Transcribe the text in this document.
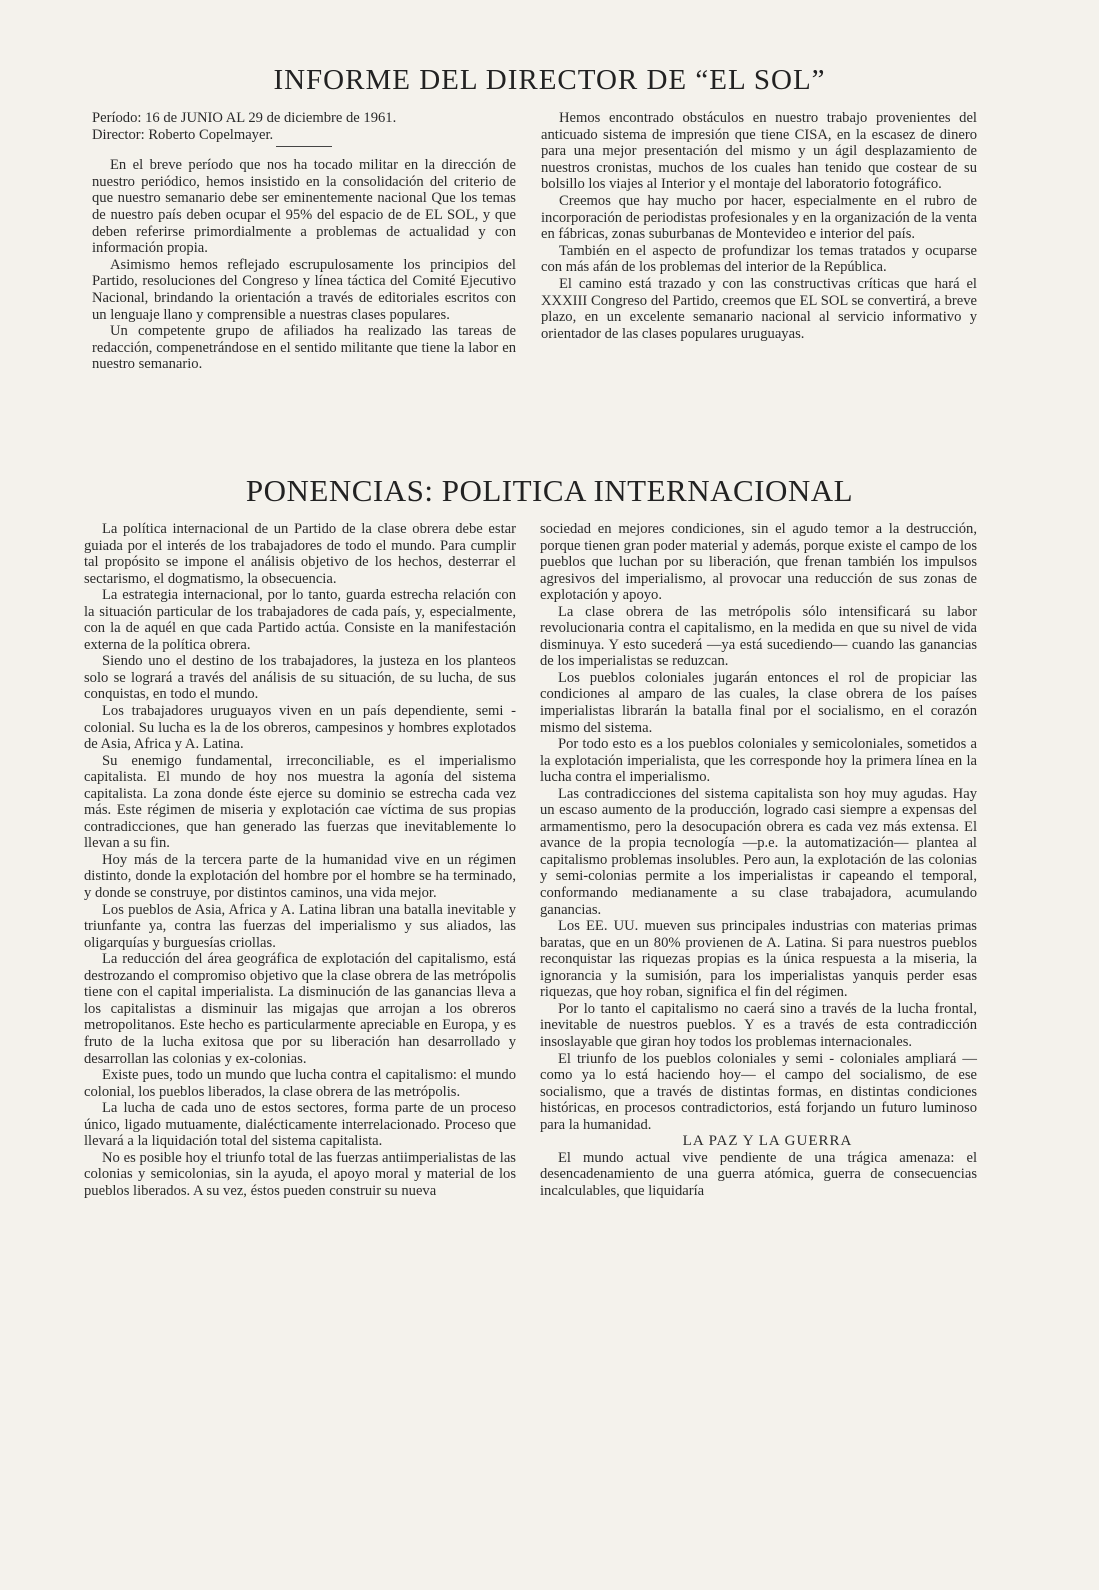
INFORME DEL DIRECTOR DE “EL SOL”

Período: 16 de JUNIO AL 29 de diciembre de 1961.

Director: Roberto Copelmayer.

En el breve período que nos ha tocado militar en la dirección de nuestro periódico, hemos insistido en la consolidación del criterio de que nuestro semanario debe ser eminentemente nacional Que los temas de nuestro país deben ocupar el 95% del espacio de de EL SOL, y que deben referirse primordialmente a problemas de actualidad y con información propia.

Asimismo hemos reflejado escrupulosamente los principios del Partido, resoluciones del Congreso y línea táctica del Comité Ejecutivo Nacional, brindando la orientación a través de editoriales escritos con un lenguaje llano y comprensible a nuestras clases populares.

Un competente grupo de afiliados ha realizado las tareas de redacción, compenetrándose en el sentido militante que tiene la labor en nuestro semanario.

Hemos encontrado obstáculos en nuestro trabajo provenientes del anticuado sistema de impresión que tiene CISA, en la escasez de dinero para una mejor presentación del mismo y un ágil desplazamiento de nuestros cronistas, muchos de los cuales han tenido que costear de su bolsillo los viajes al Interior y el montaje del laboratorio fotográfico.

Creemos que hay mucho por hacer, especialmente en el rubro de incorporación de periodistas profesionales y en la organización de la venta en fábricas, zonas suburbanas de Montevideo e interior del país.

También en el aspecto de profundizar los temas tratados y ocuparse con más afán de los problemas del interior de la República.

El camino está trazado y con las constructivas críticas que hará el XXXIII Congreso del Partido, creemos que EL SOL se convertirá, a breve plazo, en un excelente semanario nacional al servicio informativo y orientador de las clases populares uruguayas.

PONENCIAS: POLITICA INTERNACIONAL

La política internacional de un Partido de la clase obrera debe estar guiada por el interés de los trabajadores de todo el mundo. Para cumplir tal propósito se impone el análisis objetivo de los hechos, desterrar el sectarismo, el dogmatismo, la obsecuencia.

La estrategia internacional, por lo tanto, guarda estrecha relación con la situación particular de los trabajadores de cada país, y, especialmente, con la de aquél en que cada Partido actúa. Consiste en la manifestación externa de la política obrera.

Siendo uno el destino de los trabajadores, la justeza en los planteos solo se logrará a través del análisis de su situación, de su lucha, de sus conquistas, en todo el mundo.

Los trabajadores uruguayos viven en un país dependiente, semi - colonial. Su lucha es la de los obreros, campesinos y hombres explotados de Asia, Africa y A. Latina.

Su enemigo fundamental, irreconciliable, es el imperialismo capitalista. El mundo de hoy nos muestra la agonía del sistema capitalista. La zona donde éste ejerce su dominio se estrecha cada vez más. Este régimen de miseria y explotación cae víctima de sus propias contradicciones, que han generado las fuerzas que inevitablemente lo llevan a su fin.

Hoy más de la tercera parte de la humanidad vive en un régimen distinto, donde la explotación del hombre por el hombre se ha terminado, y donde se construye, por distintos caminos, una vida mejor.

Los pueblos de Asia, Africa y A. Latina libran una batalla inevitable y triunfante ya, contra las fuerzas del imperialismo y sus aliados, las oligarquías y burguesías criollas.

La reducción del área geográfica de explotación del capitalismo, está destrozando el compromiso objetivo que la clase obrera de las metrópolis tiene con el capital imperialista. La disminución de las ganancias lleva a los capitalistas a disminuir las migajas que arrojan a los obreros metropolitanos. Este hecho es particularmente apreciable en Europa, y es fruto de la lucha exitosa que por su liberación han desarrollado y desarrollan las colonias y ex-colonias.

Existe pues, todo un mundo que lucha contra el capitalismo: el mundo colonial, los pueblos liberados, la clase obrera de las metrópolis.

La lucha de cada uno de estos sectores, forma parte de un proceso único, ligado mutuamente, dialécticamente interrelacionado. Proceso que llevará a la liquidación total del sistema capitalista.

No es posible hoy el triunfo total de las fuerzas antiimperialistas de las colonias y semicolonias, sin la ayuda, el apoyo moral y material de los pueblos liberados. A su vez, éstos pueden construir su nueva

sociedad en mejores condiciones, sin el agudo temor a la destrucción, porque tienen gran poder material y además, porque existe el campo de los pueblos que luchan por su liberación, que frenan también los impulsos agresivos del imperialismo, al provocar una reducción de sus zonas de explotación y apoyo.

La clase obrera de las metrópolis sólo intensificará su labor revolucionaria contra el capitalismo, en la medida en que su nivel de vida disminuya. Y esto sucederá —ya está sucediendo— cuando las ganancias de los imperialistas se reduzcan.

Los pueblos coloniales jugarán entonces el rol de propiciar las condiciones al amparo de las cuales, la clase obrera de los países imperialistas librarán la batalla final por el socialismo, en el corazón mismo del sistema.

Por todo esto es a los pueblos coloniales y semicoloniales, sometidos a la explotación imperialista, que les corresponde hoy la primera línea en la lucha contra el imperialismo.

Las contradicciones del sistema capitalista son hoy muy agudas. Hay un escaso aumento de la producción, logrado casi siempre a expensas del armamentismo, pero la desocupación obrera es cada vez más extensa. El avance de la propia tecnología —p.e. la automatización— plantea al capitalismo problemas insolubles. Pero aun, la explotación de las colonias y semi-colonias permite a los imperialistas ir capeando el temporal, conformando medianamente a su clase trabajadora, acumulando ganancias.

Los EE. UU. mueven sus principales industrias con materias primas baratas, que en un 80% provienen de A. Latina. Si para nuestros pueblos reconquistar las riquezas propias es la única respuesta a la miseria, la ignorancia y la sumisión, para los imperialistas yanquis perder esas riquezas, que hoy roban, significa el fin del régimen.

Por lo tanto el capitalismo no caerá sino a través de la lucha frontal, inevitable de nuestros pueblos. Y es a través de esta contradicción insoslayable que giran hoy todos los problemas internacionales.

El triunfo de los pueblos coloniales y semi - coloniales ampliará —como ya lo está haciendo hoy— el campo del socialismo, de ese socialismo, que a través de distintas formas, en distintas condiciones históricas, en procesos contradictorios, está forjando un futuro luminoso para la humanidad.

LA PAZ Y LA GUERRA

El mundo actual vive pendiente de una trágica amenaza: el desencadenamiento de una guerra atómica, guerra de consecuencias incalculables, que liquidaría
